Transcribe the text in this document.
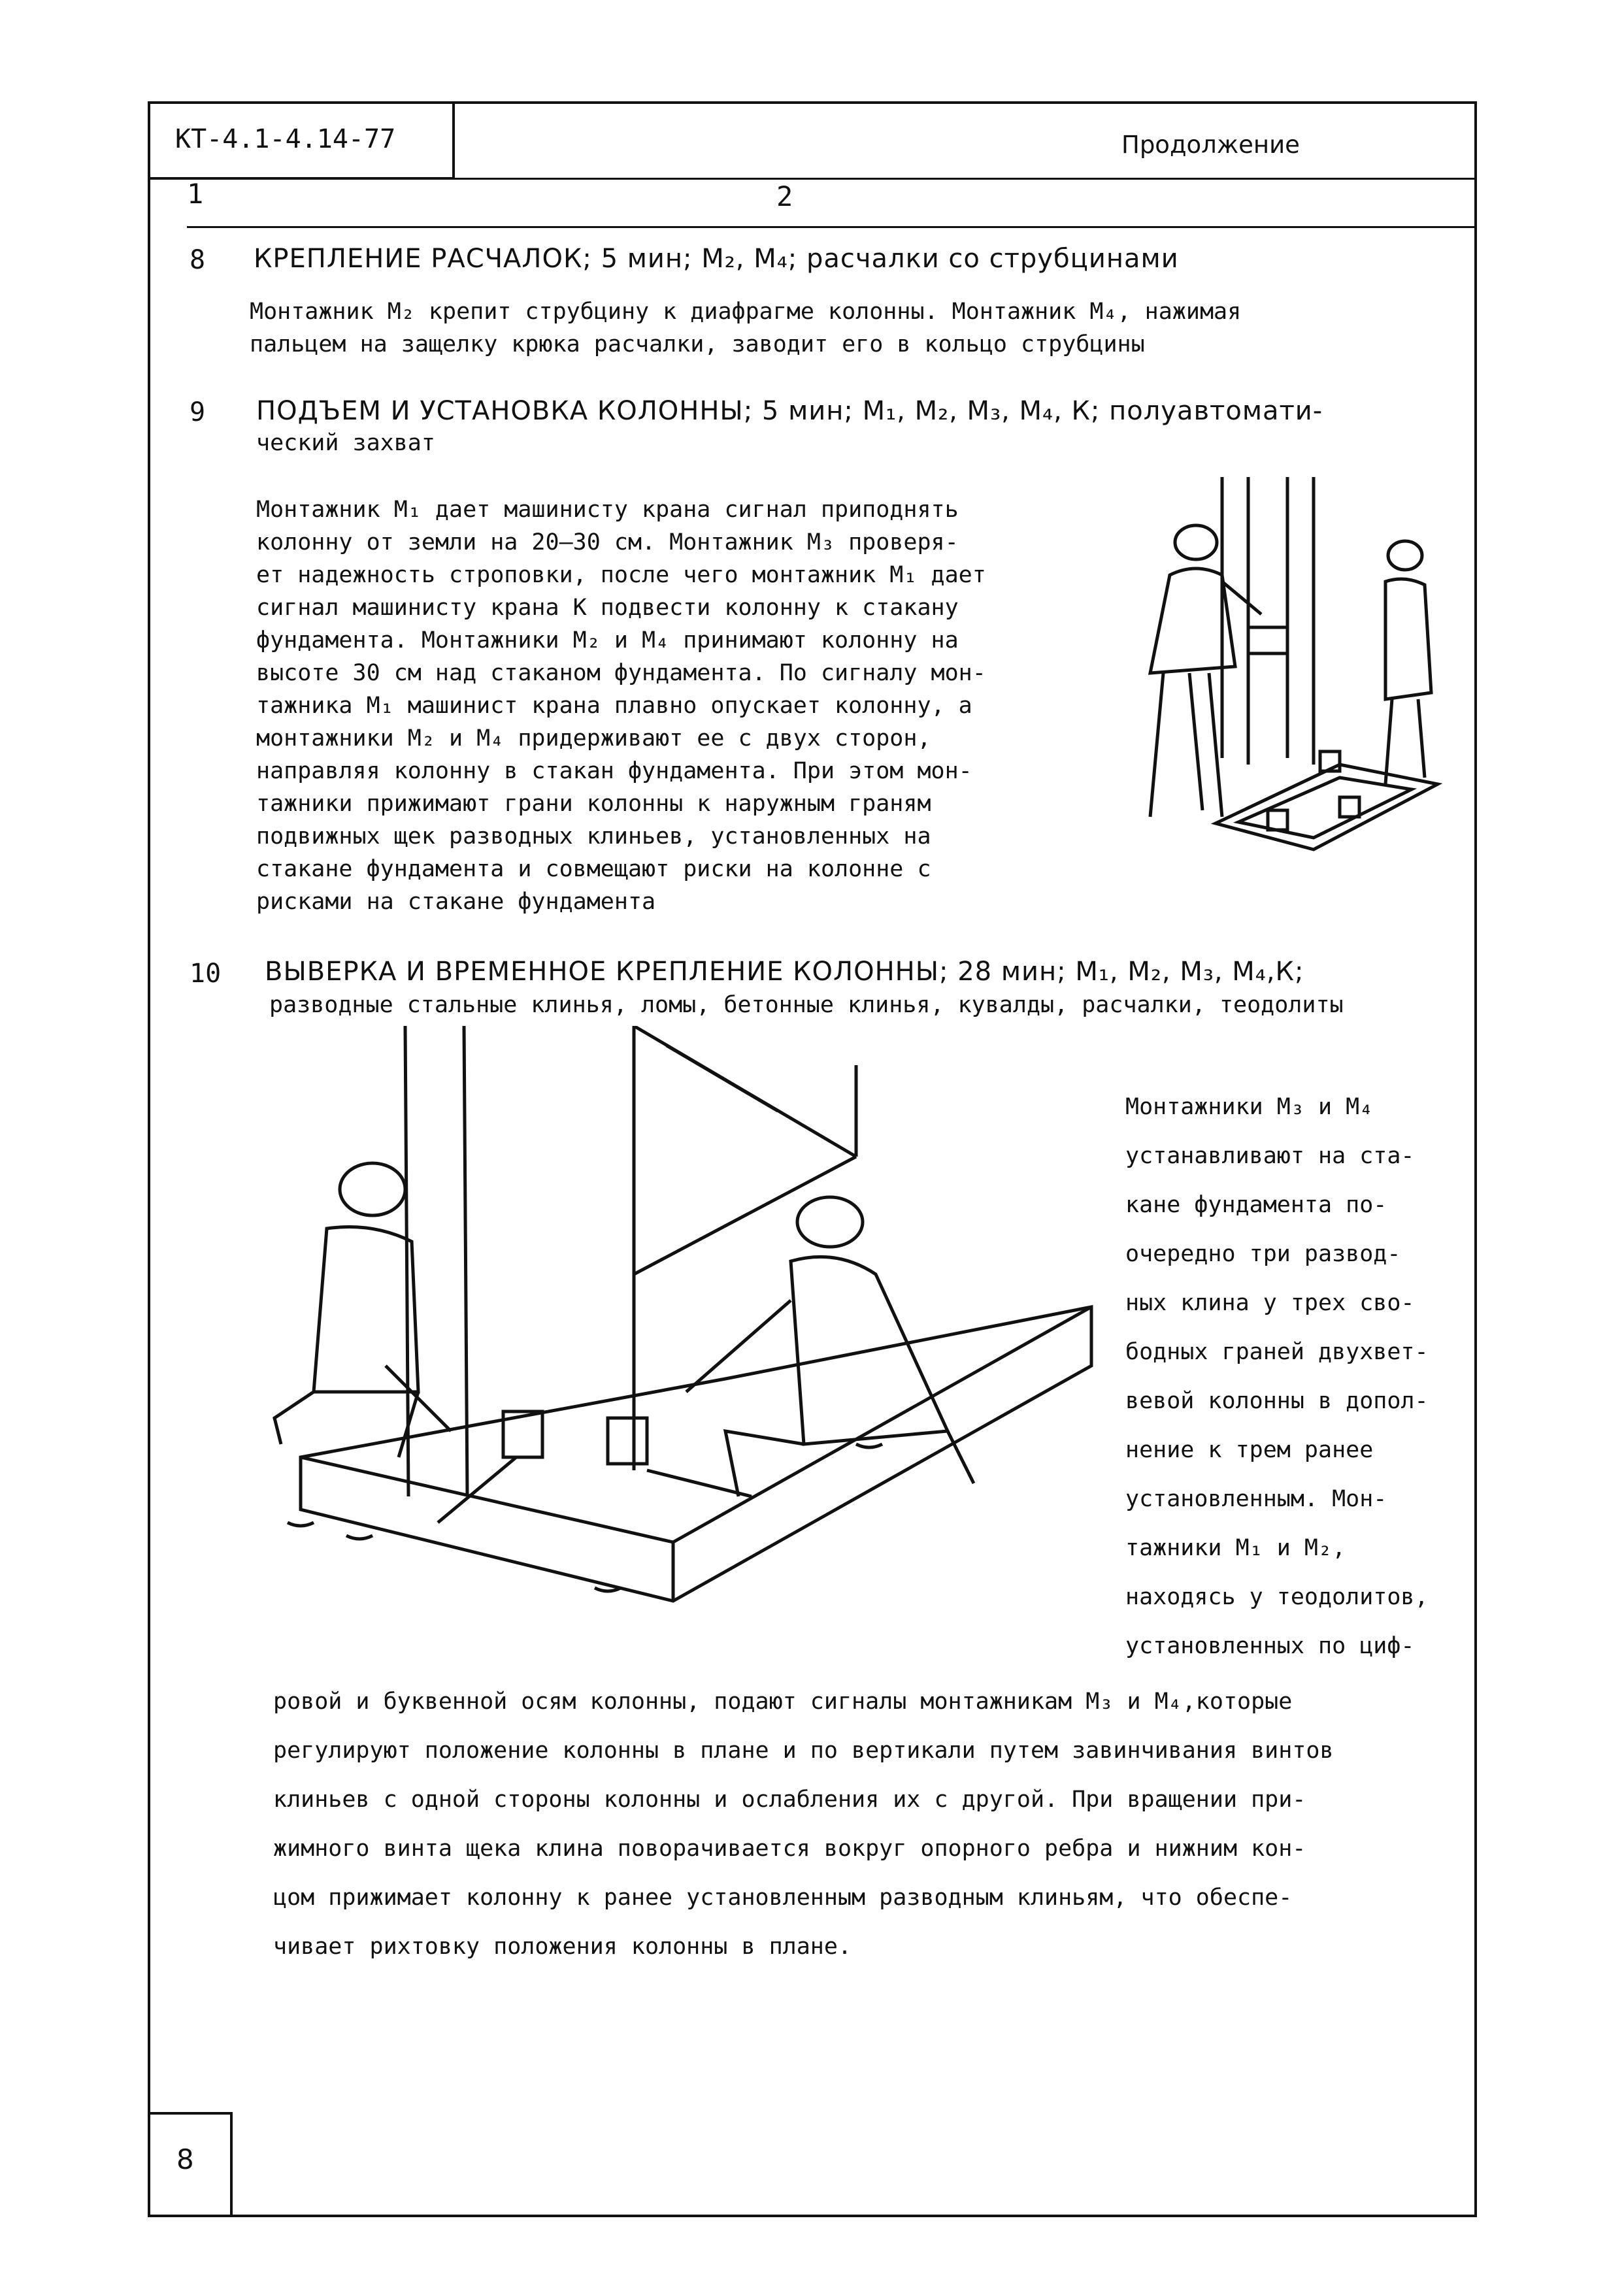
КТ-4.1-4.14-77	Продолжение
1	2
8 КРЕПЛЕНИЕ РАСЧАЛОК; 5 мин; М₂, М₄; расчалки со струбцинами
Монтажник М₂ крепит струбцину к диафрагме колонны. Монтажник М₄, нажимая
пальцем на защелку крюка расчалки, заводит его в кольцо струбцины
9 ПОДЪЕМ И УСТАНОВКА КОЛОННЫ; 5 мин; М₁, М₂, М₃, М₄, К; полуавтомати-
ческий захват
Монтажник М₁ дает машинисту крана сигнал приподнять
колонну от земли на 20–30 см. Монтажник М₃ проверя-
ет надежность строповки, после чего монтажник М₁ дает
сигнал машинисту крана К подвести колонну к стакану
фундамента. Монтажники М₂ и М₄ принимают колонну на
высоте 30 см над стаканом фундамента. По сигналу мон-
тажника М₁ машинист крана плавно опускает колонну, а
монтажники М₂ и М₄ придерживают ее с двух сторон,
направляя колонну в стакан фундамента. При этом мон-
тажники прижимают грани колонны к наружным граням
подвижных щек разводных клиньев, установленных на
стакане фундамента и совмещают риски на колонне с
рисками на стакане фундамента
10 ВЫВЕРКА И ВРЕМЕННОЕ КРЕПЛЕНИЕ КОЛОННЫ; 28 мин; М₁, М₂, М₃, М₄,К;
разводные стальные клинья, ломы, бетонные клинья, кувалды, расчалки, теодолиты
Монтажники М₃ и М₄
устанавливают на ста-
кане фундамента по-
очередно три развод-
ных клина у трех сво-
бодных граней двухвет-
вевой колонны в допол-
нение к трем ранее
установленным. Мон-
тажники М₁ и М₂,
находясь у теодолитов,
установленных по циф-
ровой и буквенной осям колонны, подают сигналы монтажникам М₃ и М₄,которые
регулируют положение колонны в плане и по вертикали путем завинчивания винтов
клиньев с одной стороны колонны и ослабления их с другой. При вращении при-
жимного винта щека клина поворачивается вокруг опорного ребра и нижним кон-
цом прижимает колонну к ранее установленным разводным клиньям, что обеспе-
чивает рихтовку положения колонны в плане.
8
